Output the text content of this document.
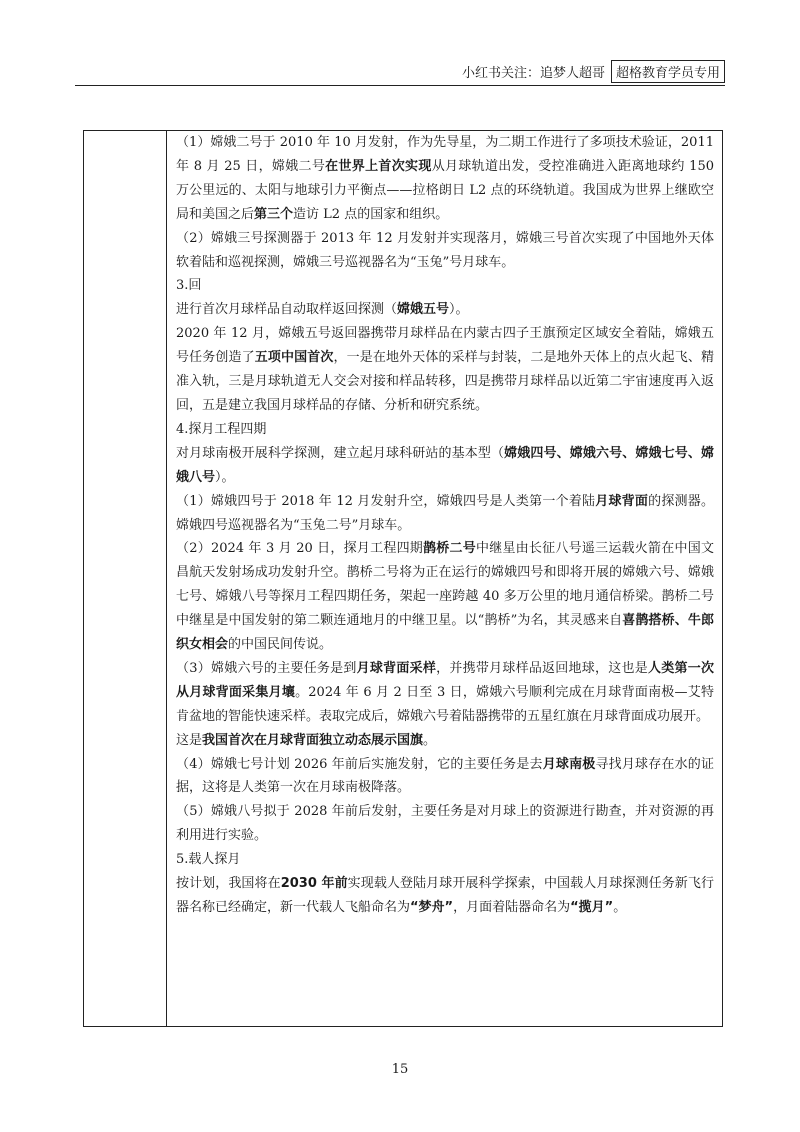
小红书关注：追梦人超哥 超格教育学员专用

（1）嫦娥二号于 2010 年 10 月发射，作为先导星，为二期工作进行了多项技术验证，2011 年 8 月 25 日，嫦娥二号在世界上首次实现从月球轨道出发，受控准确进入距离地球约 150 万公里远的、太阳与地球引力平衡点——拉格朗日 L2 点的环绕轨道。我国成为世界上继欧空局和美国之后第三个造访 L2 点的国家和组织。

（2）嫦娥三号探测器于 2013 年 12 月发射并实现落月，嫦娥三号首次实现了中国地外天体软着陆和巡视探测，嫦娥三号巡视器名为“玉兔”号月球车。

3.回

进行首次月球样品自动取样返回探测（嫦娥五号）。

2020 年 12 月，嫦娥五号返回器携带月球样品在内蒙古四子王旗预定区域安全着陆，嫦娥五号任务创造了五项中国首次，一是在地外天体的采样与封装，二是地外天体上的点火起飞、精准入轨，三是月球轨道无人交会对接和样品转移，四是携带月球样品以近第二宇宙速度再入返回，五是建立我国月球样品的存储、分析和研究系统。

4.探月工程四期

对月球南极开展科学探测，建立起月球科研站的基本型（嫦娥四号、嫦娥六号、嫦娥七号、嫦娥八号）。

（1）嫦娥四号于 2018 年 12 月发射升空，嫦娥四号是人类第一个着陆月球背面的探测器。嫦娥四号巡视器名为“玉兔二号”月球车。

（2）2024 年 3 月 20 日，探月工程四期鹊桥二号中继星由长征八号遥三运载火箭在中国文昌航天发射场成功发射升空。鹊桥二号将为正在运行的嫦娥四号和即将开展的嫦娥六号、嫦娥七号、嫦娥八号等探月工程四期任务，架起一座跨越 40 多万公里的地月通信桥梁。鹊桥二号中继星是中国发射的第二颗连通地月的中继卫星。以“鹊桥”为名，其灵感来自喜鹊搭桥、牛郎织女相会的中国民间传说。

（3）嫦娥六号的主要任务是到月球背面采样，并携带月球样品返回地球，这也是人类第一次从月球背面采集月壤。2024 年 6 月 2 日至 3 日，嫦娥六号顺利完成在月球背面南极—艾特肯盆地的智能快速采样。表取完成后，嫦娥六号着陆器携带的五星红旗在月球背面成功展开。

这是我国首次在月球背面独立动态展示国旗。

（4）嫦娥七号计划 2026 年前后实施发射，它的主要任务是去月球南极寻找月球存在水的证据，这将是人类第一次在月球南极降落。

（5）嫦娥八号拟于 2028 年前后发射，主要任务是对月球上的资源进行勘查，并对资源的再利用进行实验。

5.载人探月

按计划，我国将在2030 年前实现载人登陆月球开展科学探索，中国载人月球探测任务新飞行器名称已经确定，新一代载人飞船命名为“梦舟”，月面着陆器命名为“揽月”。

15
